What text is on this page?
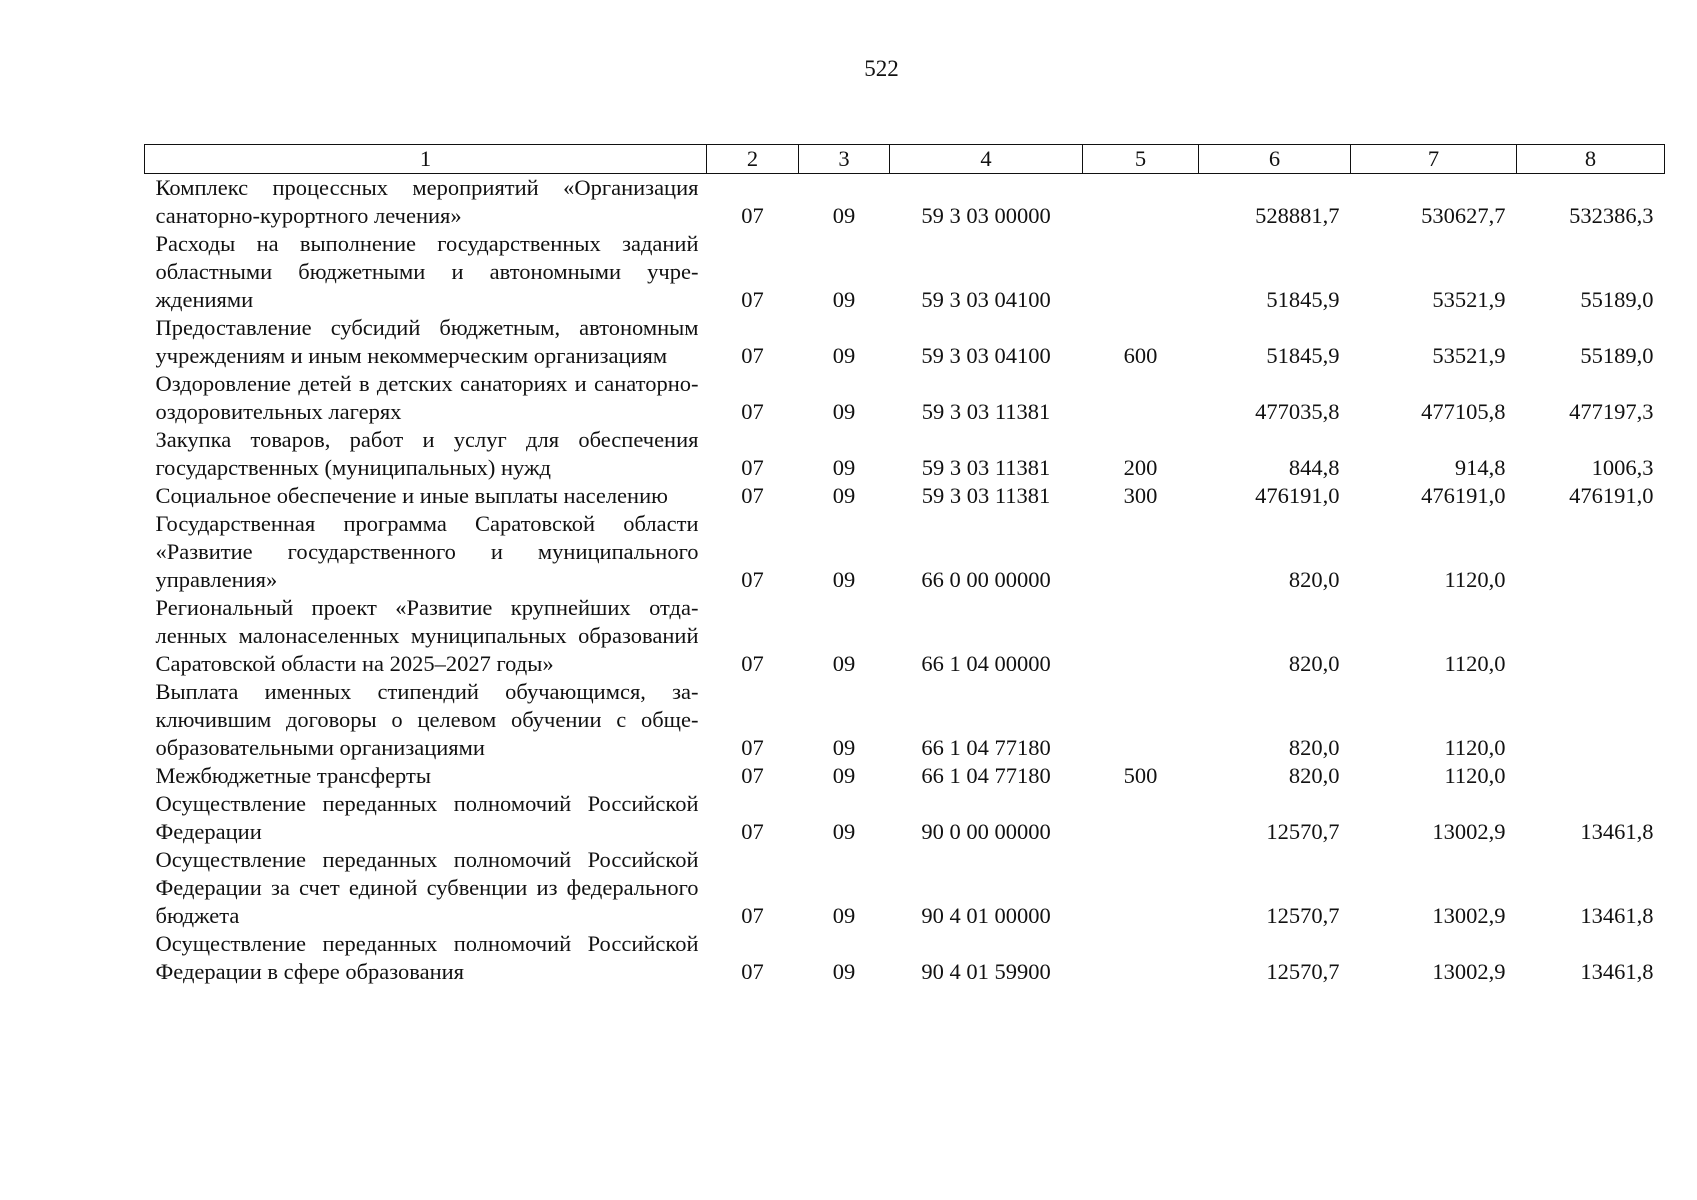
522
1	2	3	4	5	6	7	8
Комплекс процессных мероприятий «Организация санаторно-курортного лечения»	07	09	59 3 03 00000		528881,7	530627,7	532386,3
Расходы на выполнение государственных заданий областными бюджетными и автономными учреждениями	07	09	59 3 03 04100		51845,9	53521,9	55189,0
Предоставление субсидий бюджетным, автономным учреждениям и иным некоммерческим организациям	07	09	59 3 03 04100	600	51845,9	53521,9	55189,0
Оздоровление детей в детских санаториях и санаторно-оздоровительных лагерях	07	09	59 3 03 11381		477035,8	477105,8	477197,3
Закупка товаров, работ и услуг для обеспечения государственных (муниципальных) нужд	07	09	59 3 03 11381	200	844,8	914,8	1006,3
Социальное обеспечение и иные выплаты населению	07	09	59 3 03 11381	300	476191,0	476191,0	476191,0
Государственная программа Саратовской области «Развитие государственного и муниципального управления»	07	09	66 0 00 00000		820,0	1120,0	
Региональный проект «Развитие крупнейших отдаленных малонаселенных муниципальных образований Саратовской области на 2025–2027 годы»	07	09	66 1 04 00000		820,0	1120,0	
Выплата именных стипендий обучающимся, заключившим договоры о целевом обучении с общеобразовательными организациями	07	09	66 1 04 77180		820,0	1120,0	
Межбюджетные трансферты	07	09	66 1 04 77180	500	820,0	1120,0	
Осуществление переданных полномочий Российской Федерации	07	09	90 0 00 00000		12570,7	13002,9	13461,8
Осуществление переданных полномочий Российской Федерации за счет единой субвенции из федерального бюджета	07	09	90 4 01 00000		12570,7	13002,9	13461,8
Осуществление переданных полномочий Российской Федерации в сфере образования	07	09	90 4 01 59900		12570,7	13002,9	13461,8
